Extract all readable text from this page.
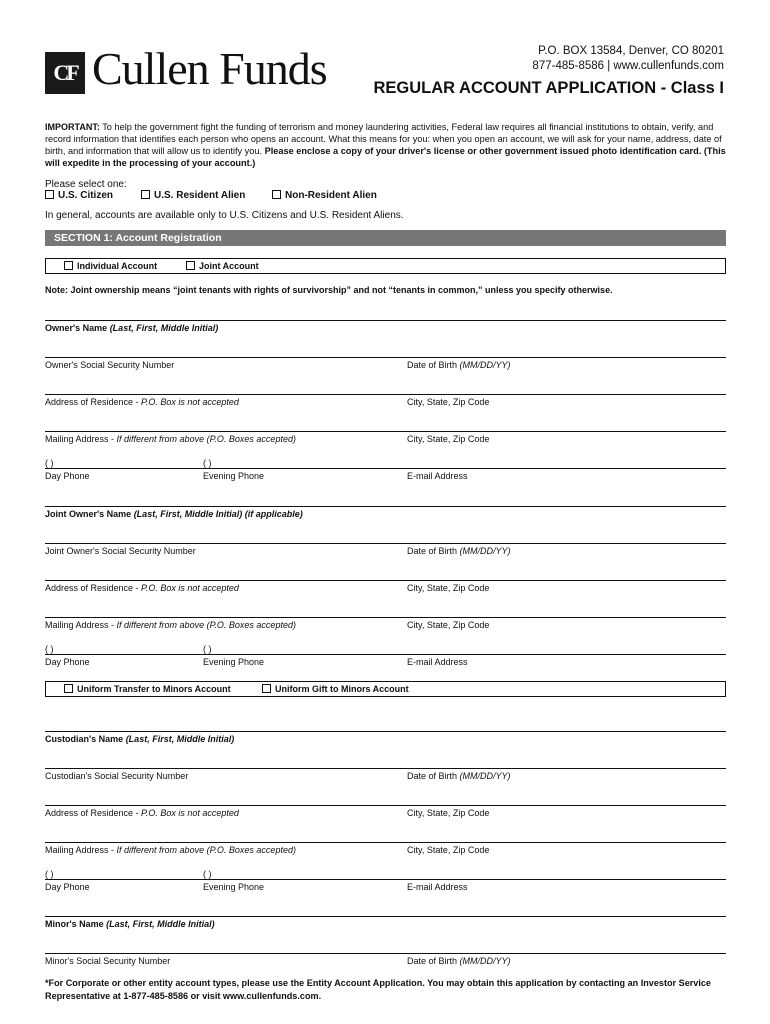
CF Cullen Funds	P.O. BOX 13584, Denver, CO 80201
877-485-8586 | www.cullenfunds.com
REGULAR ACCOUNT APPLICATION - Class I
IMPORTANT: To help the government fight the funding of terrorism and money laundering activities, Federal law requires all financial institutions to obtain, verify, and record information that identifies each person who opens an account. What this means for you: when you open an account, we will ask for your name, address, date of birth, and information that will allow us to identify you. Please enclose a copy of your driver's license or other government issued photo identification card. (This will expedite in the processing of your account.)
Please select one:
U.S. Citizen	U.S. Resident Alien	Non-Resident Alien
In general, accounts are available only to U.S. Citizens and U.S. Resident Aliens.
SECTION 1: Account Registration
Individual Account	Joint Account
Note: Joint ownership means “joint tenants with rights of survivorship” and not “tenants in common,” unless you specify otherwise.
Owner's Name (Last, First, Middle Initial)
Owner's Social Security Number	Date of Birth (MM/DD/YY)
Address of Residence - P.O. Box is not accepted	City, State, Zip Code
Mailing Address - If different from above (P.O. Boxes accepted)	City, State, Zip Code
( )	( )
Day Phone	Evening Phone	E-mail Address
Joint Owner's Name (Last, First, Middle Initial) (if applicable)
Joint Owner's Social Security Number	Date of Birth (MM/DD/YY)
Address of Residence - P.O. Box is not accepted	City, State, Zip Code
Mailing Address - If different from above (P.O. Boxes accepted)	City, State, Zip Code
( )	( )
Day Phone	Evening Phone	E-mail Address
Uniform Transfer to Minors Account	Uniform Gift to Minors Account
Custodian's Name (Last, First, Middle Initial)
Custodian's Social Security Number	Date of Birth (MM/DD/YY)
Address of Residence - P.O. Box is not accepted	City, State, Zip Code
Mailing Address - If different from above (P.O. Boxes accepted)	City, State, Zip Code
( )	( )
Day Phone	Evening Phone	E-mail Address
Minor's Name (Last, First, Middle Initial)
Minor's Social Security Number	Date of Birth (MM/DD/YY)
*For Corporate or other entity account types, please use the Entity Account Application. You may obtain this application by contacting an Investor Service Representative at 1-877-485-8586 or visit www.cullenfunds.com.
